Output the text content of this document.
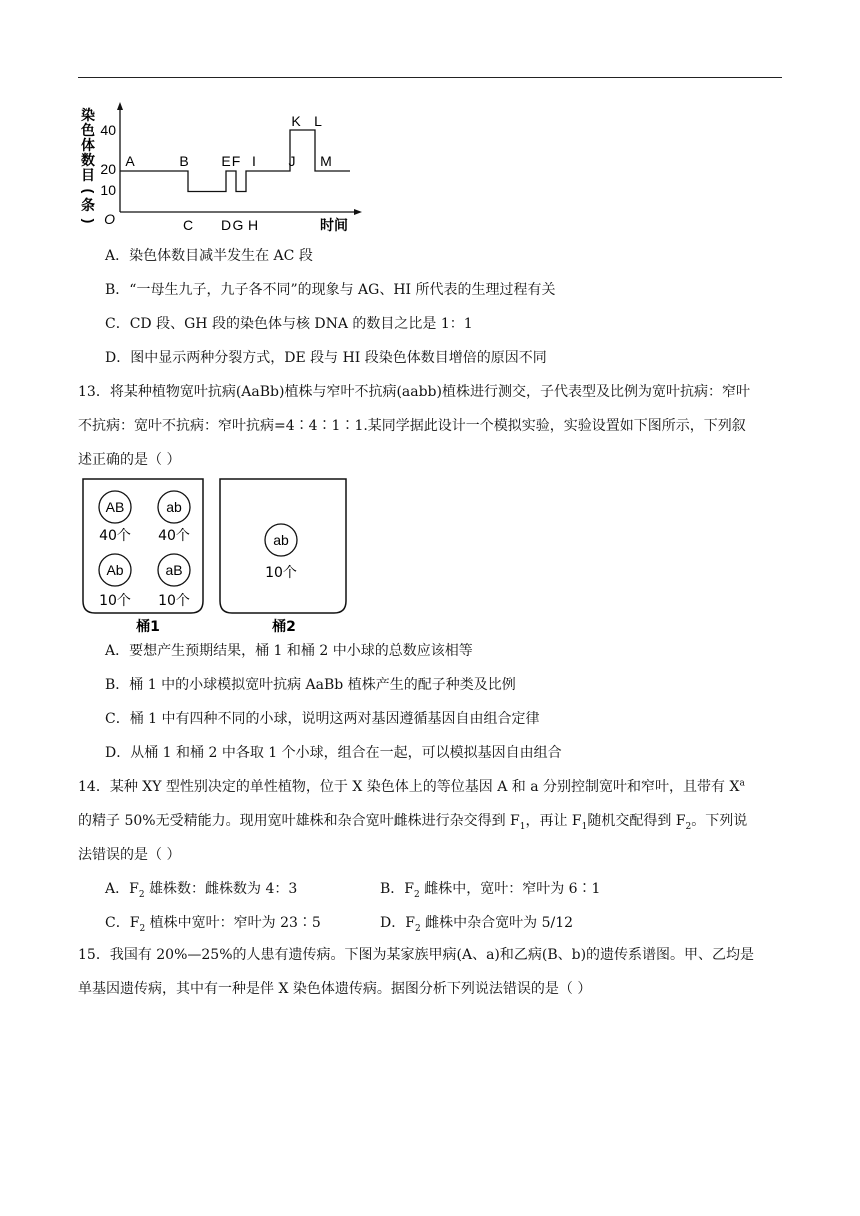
染
色
体
数
目
(
条
)
40
20
10
O	时间
A	B
C
E F
D G H
I J
K L
M
A．染色体数目减半发生在 AC 段
B．“一母生九子，九子各不同”的现象与 AG、HI 所代表的生理过程有关
C．CD 段、GH 段的染色体与核 DNA 的数目之比是 1：1
D．图中显示两种分裂方式，DE 段与 HI 段染色体数目增倍的原因不同
13．将某种植物宽叶抗病(AaBb)植株与窄叶不抗病(aabb)植株进行测交，子代表型及比例为宽叶抗病：窄叶
不抗病：宽叶不抗病：窄叶抗病=4∶4∶1∶1.某同学据此设计一个模拟实验，实验设置如下图所示，下列叙
述正确的是（ ）
AB
40个
ab
40个
Ab
10个
aB
10个
ab
10个
桶1	桶2
A．要想产生预期结果，桶 1 和桶 2 中小球的总数应该相等
B．桶 1 中的小球模拟宽叶抗病 AaBb 植株产生的配子种类及比例
C．桶 1 中有四种不同的小球，说明这两对基因遵循基因自由组合定律
D．从桶 1 和桶 2 中各取 1 个小球，组合在一起，可以模拟基因自由组合
14．某种 XY 型性别决定的单性植物，位于 X 染色体上的等位基因 A 和 a 分别控制宽叶和窄叶，且带有 $X^a$
的精子 50%无受精能力。现用宽叶雄株和杂合宽叶雌株进行杂交得到 $F_1$，再让 $F_1$随机交配得到 $F_2$。下列说
法错误的是（ ）
A．$F_2$ 雄株数：雌株数为 4：3	B．$F_2$ 雌株中，宽叶：窄叶为 6∶1
C．$F_2$ 植株中宽叶：窄叶为 23∶5	D．$F_2$ 雌株中杂合宽叶为 5/12
15．我国有 20%—25%的人患有遗传病。下图为某家族甲病(A、a)和乙病(B、b)的遗传系谱图。甲、乙均是
单基因遗传病，其中有一种是伴 X 染色体遗传病。据图分析下列说法错误的是（ ）
